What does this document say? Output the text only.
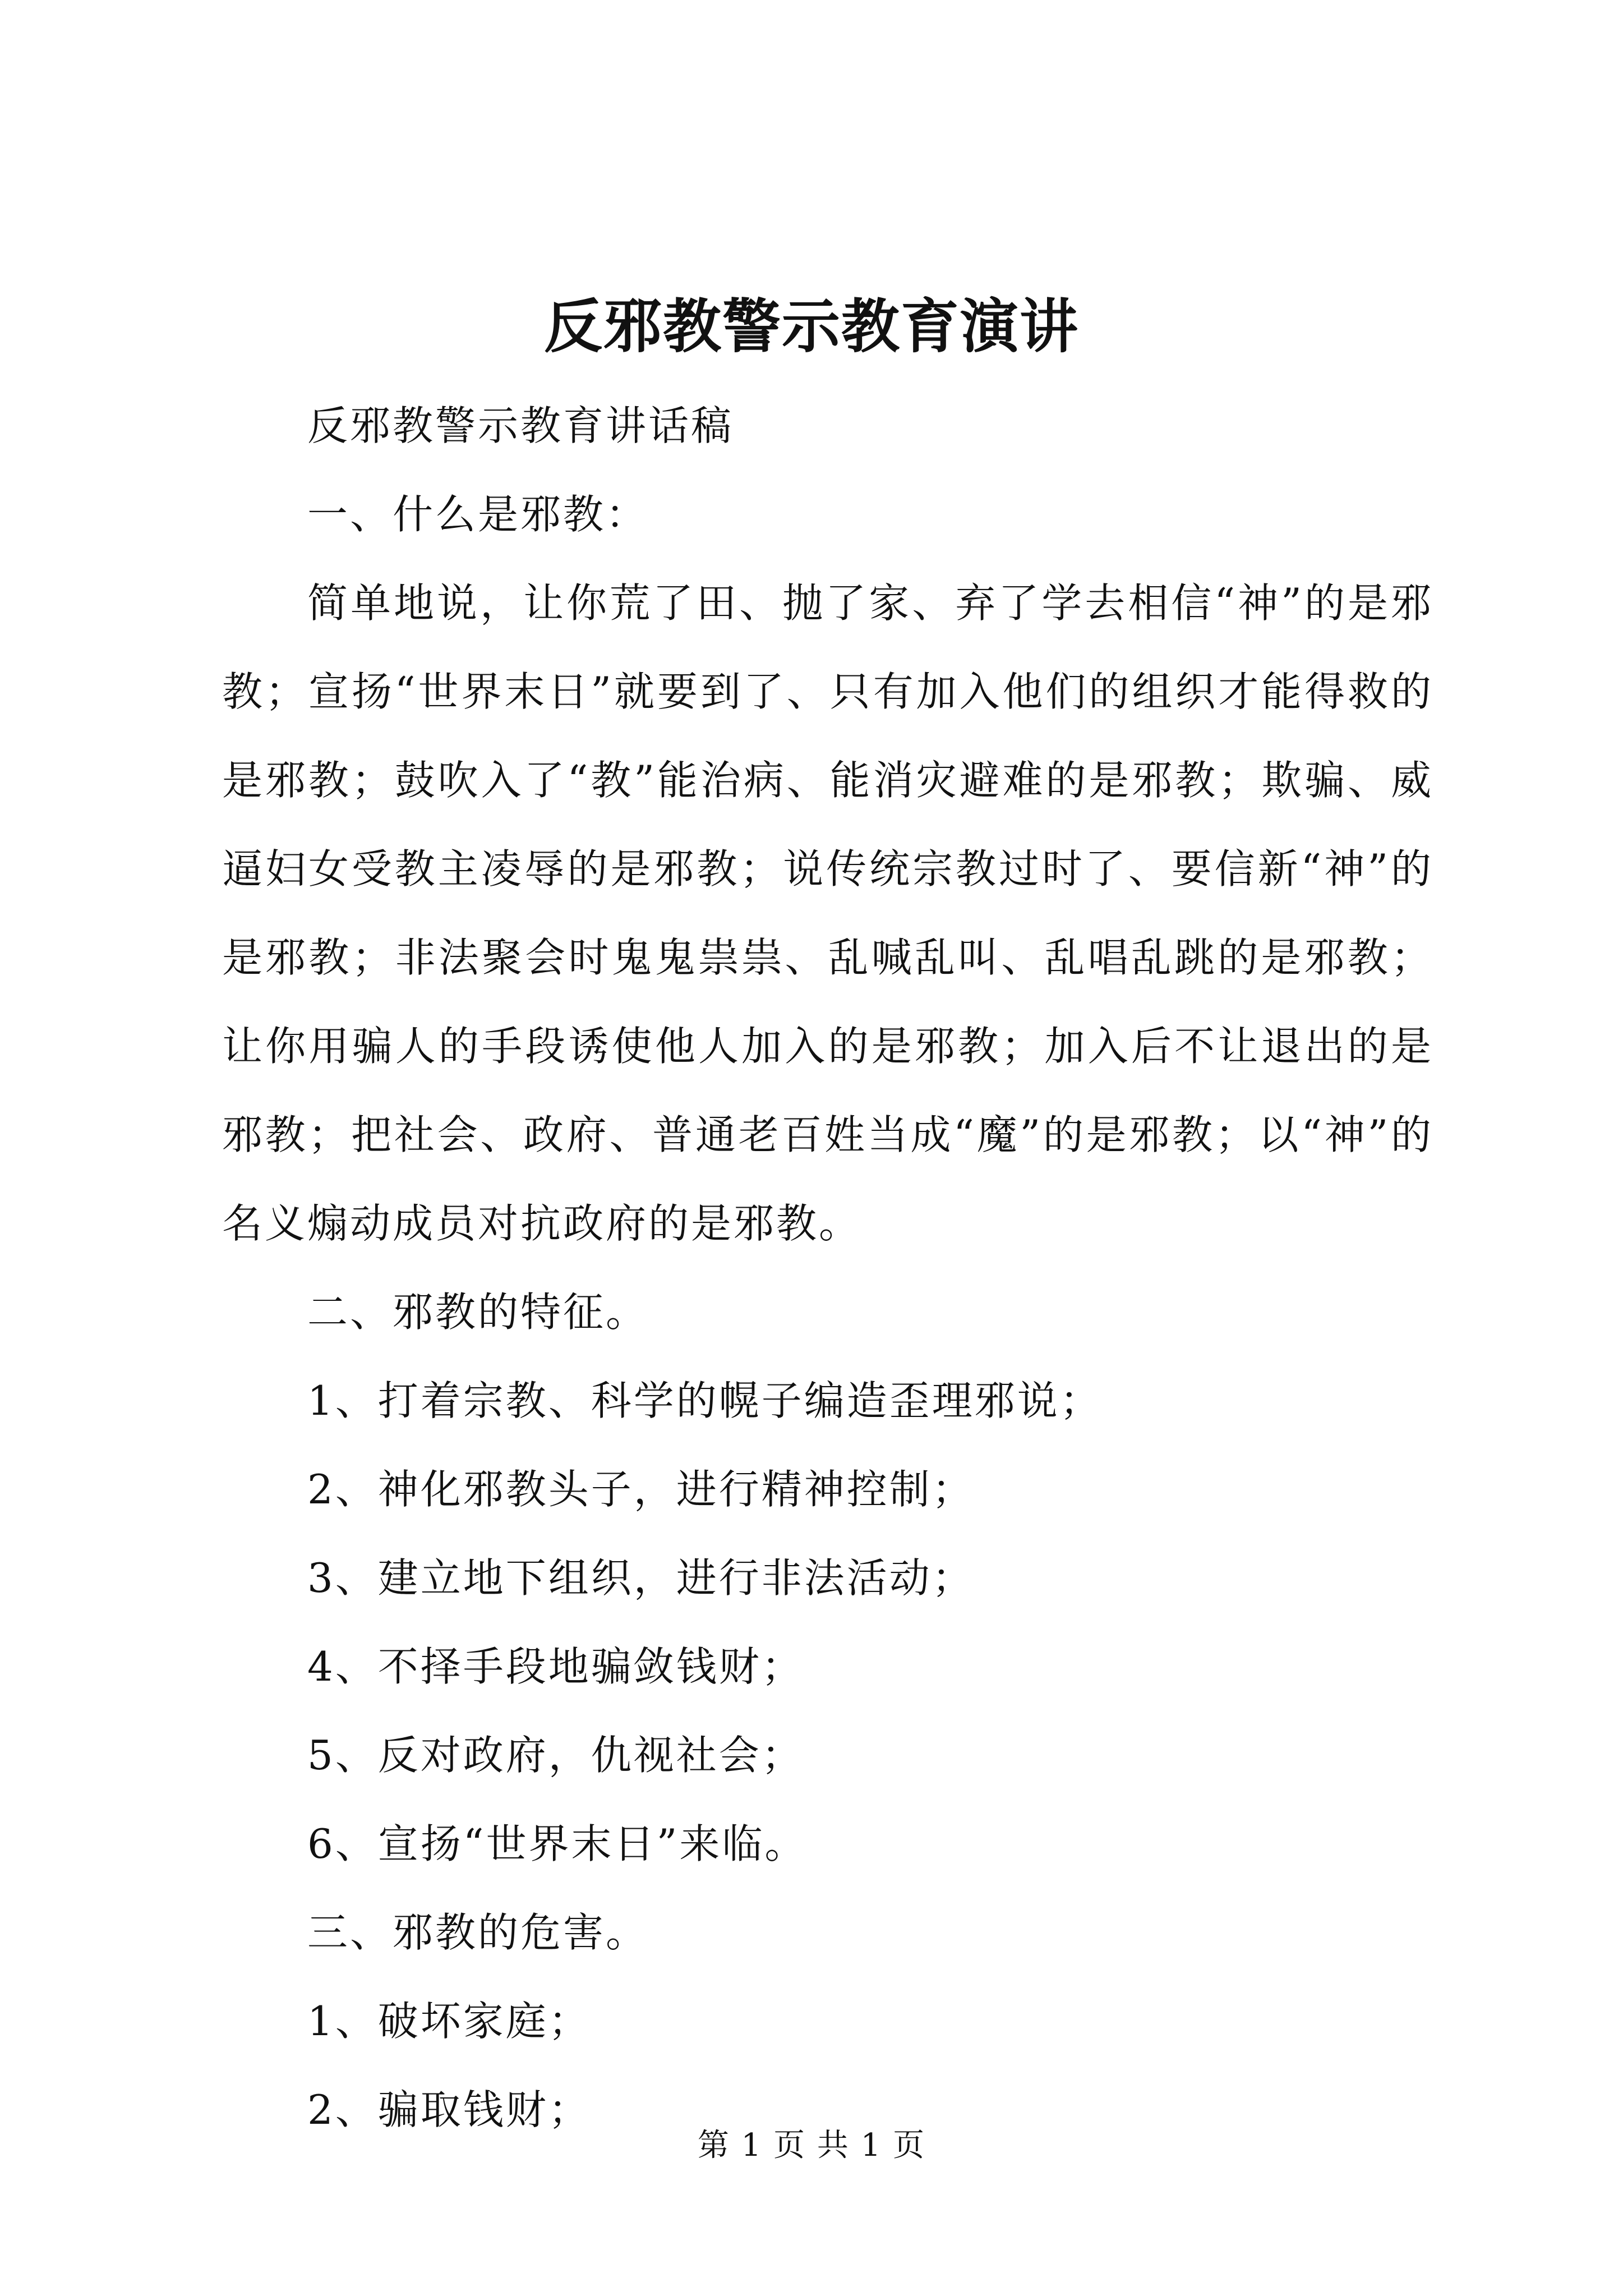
反邪教警示教育演讲

反邪教警示教育讲话稿

一、什么是邪教：

简单地说，让你荒了田、抛了家、弃了学去相信“神”的是邪教；宣扬“世界末日”就要到了、只有加入他们的组织才能得救的是邪教；鼓吹入了“教”能治病、能消灾避难的是邪教；欺骗、威逼妇女受教主凌辱的是邪教；说传统宗教过时了、要信新“神”的是邪教；非法聚会时鬼鬼祟祟、乱喊乱叫、乱唱乱跳的是邪教；让你用骗人的手段诱使他人加入的是邪教；加入后不让退出的是邪教；把社会、政府、普通老百姓当成“魔”的是邪教；以“神”的名义煽动成员对抗政府的是邪教。

二、邪教的特征。

1、打着宗教、科学的幌子编造歪理邪说；

2、神化邪教头子，进行精神控制；

3、建立地下组织，进行非法活动；

4、不择手段地骗敛钱财；

5、反对政府，仇视社会；

6、宣扬“世界末日”来临。

三、邪教的危害。

1、破坏家庭；

2、骗取钱财；

第 1 页 共 1 页
